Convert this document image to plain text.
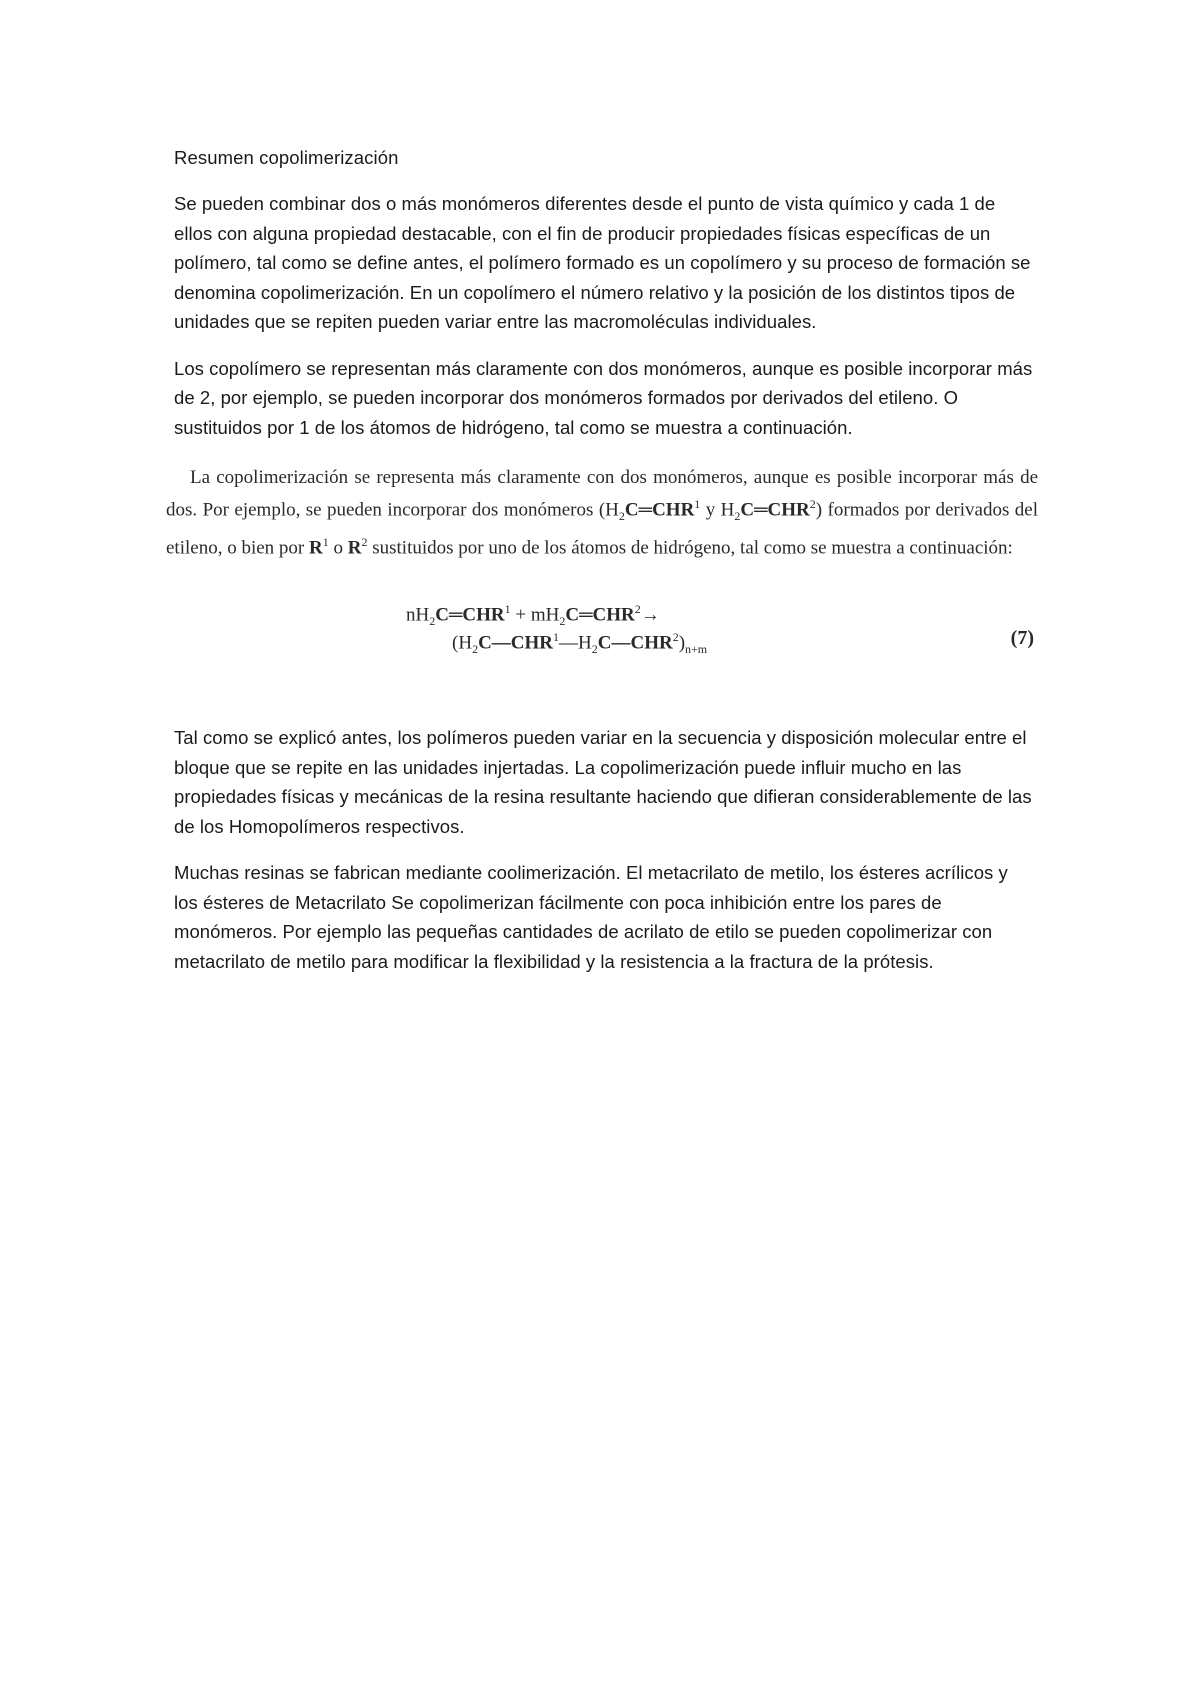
Resumen copolimerización

Se pueden combinar dos o más monómeros diferentes desde el punto de vista químico y cada 1 de ellos con alguna propiedad destacable, con el fin de producir propiedades físicas específicas de un polímero, tal como se define antes, el polímero formado es un copolímero y su proceso de formación se denomina copolimerización. En un copolímero el número relativo y la posición de los distintos tipos de unidades que se repiten pueden variar entre las macromoléculas individuales.

Los copolímero se representan más claramente con dos monómeros, aunque es posible incorporar más de 2, por ejemplo, se pueden incorporar dos monómeros formados por derivados del etileno. O sustituidos por 1 de los átomos de hidrógeno, tal como se muestra a continuación.

La copolimerización se representa más claramente con dos monómeros, aunque es posible incorporar más de dos. Por ejemplo, se pueden incorporar dos monómeros ($H_2C═CHR^1$ y $H_2C═CHR^2$) formados por derivados del etileno, o bien por $R^1$ o $R^2$ sustituidos por uno de los átomos de hidrógeno, tal como se muestra a continuación:

$nH_2C═CHR^1$ + $mH_2C═CHR^2\to$
$(H_2C—CHR^1—H_2C—CHR^2)_{n+m}$
(7)

Tal como se explicó antes, los polímeros pueden variar en la secuencia y disposición molecular entre el bloque que se repite en las unidades injertadas. La copolimerización puede influir mucho en las propiedades físicas y mecánicas de la resina resultante haciendo que difieran considerablemente de las de los Homopolímeros respectivos.

Muchas resinas se fabrican mediante coolimerización. El metacrilato de metilo, los ésteres acrílicos y los ésteres de Metacrilato Se copolimerizan fácilmente con poca inhibición entre los pares de monómeros. Por ejemplo las pequeñas cantidades de acrilato de etilo se pueden copolimerizar con metacrilato de metilo para modificar la flexibilidad y la resistencia a la fractura de la prótesis.
